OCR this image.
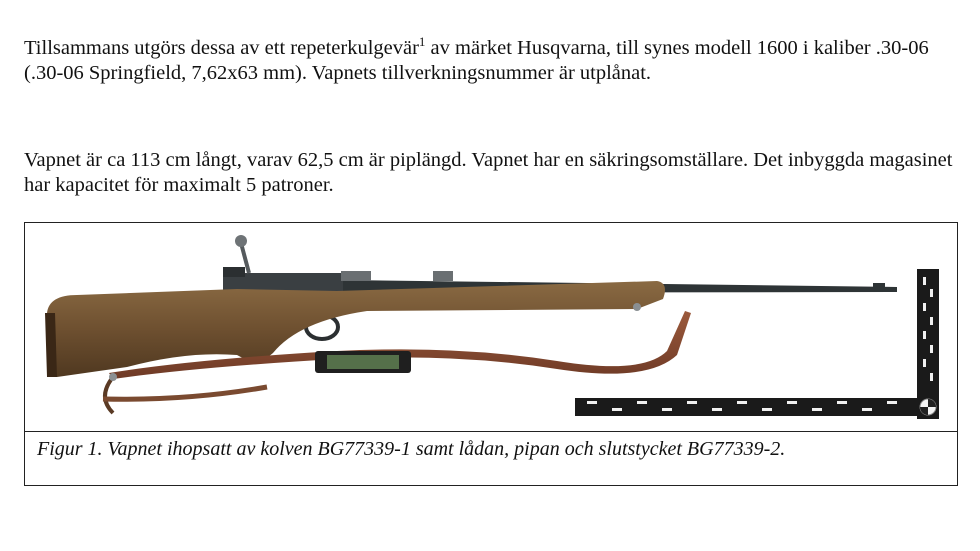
Tillsammans utgörs dessa av ett repeterkulgevär$^1$ av märket Husqvarna, till synes modell 1600 i kaliber .30-06 (.30-06 Springfield, 7,62x63 mm). Vapnets tillverkningsnummer är utplånat.

Vapnet är ca 113 cm långt, varav 62,5 cm är piplängd. Vapnet har en säkringsomställare. Det inbyggda magasinet har kapacitet för maximalt 5 patroner.

Figur 1. Vapnet ihopsatt av kolven BG77339-1 samt lådan, pipan och slutstycket BG77339-2.
